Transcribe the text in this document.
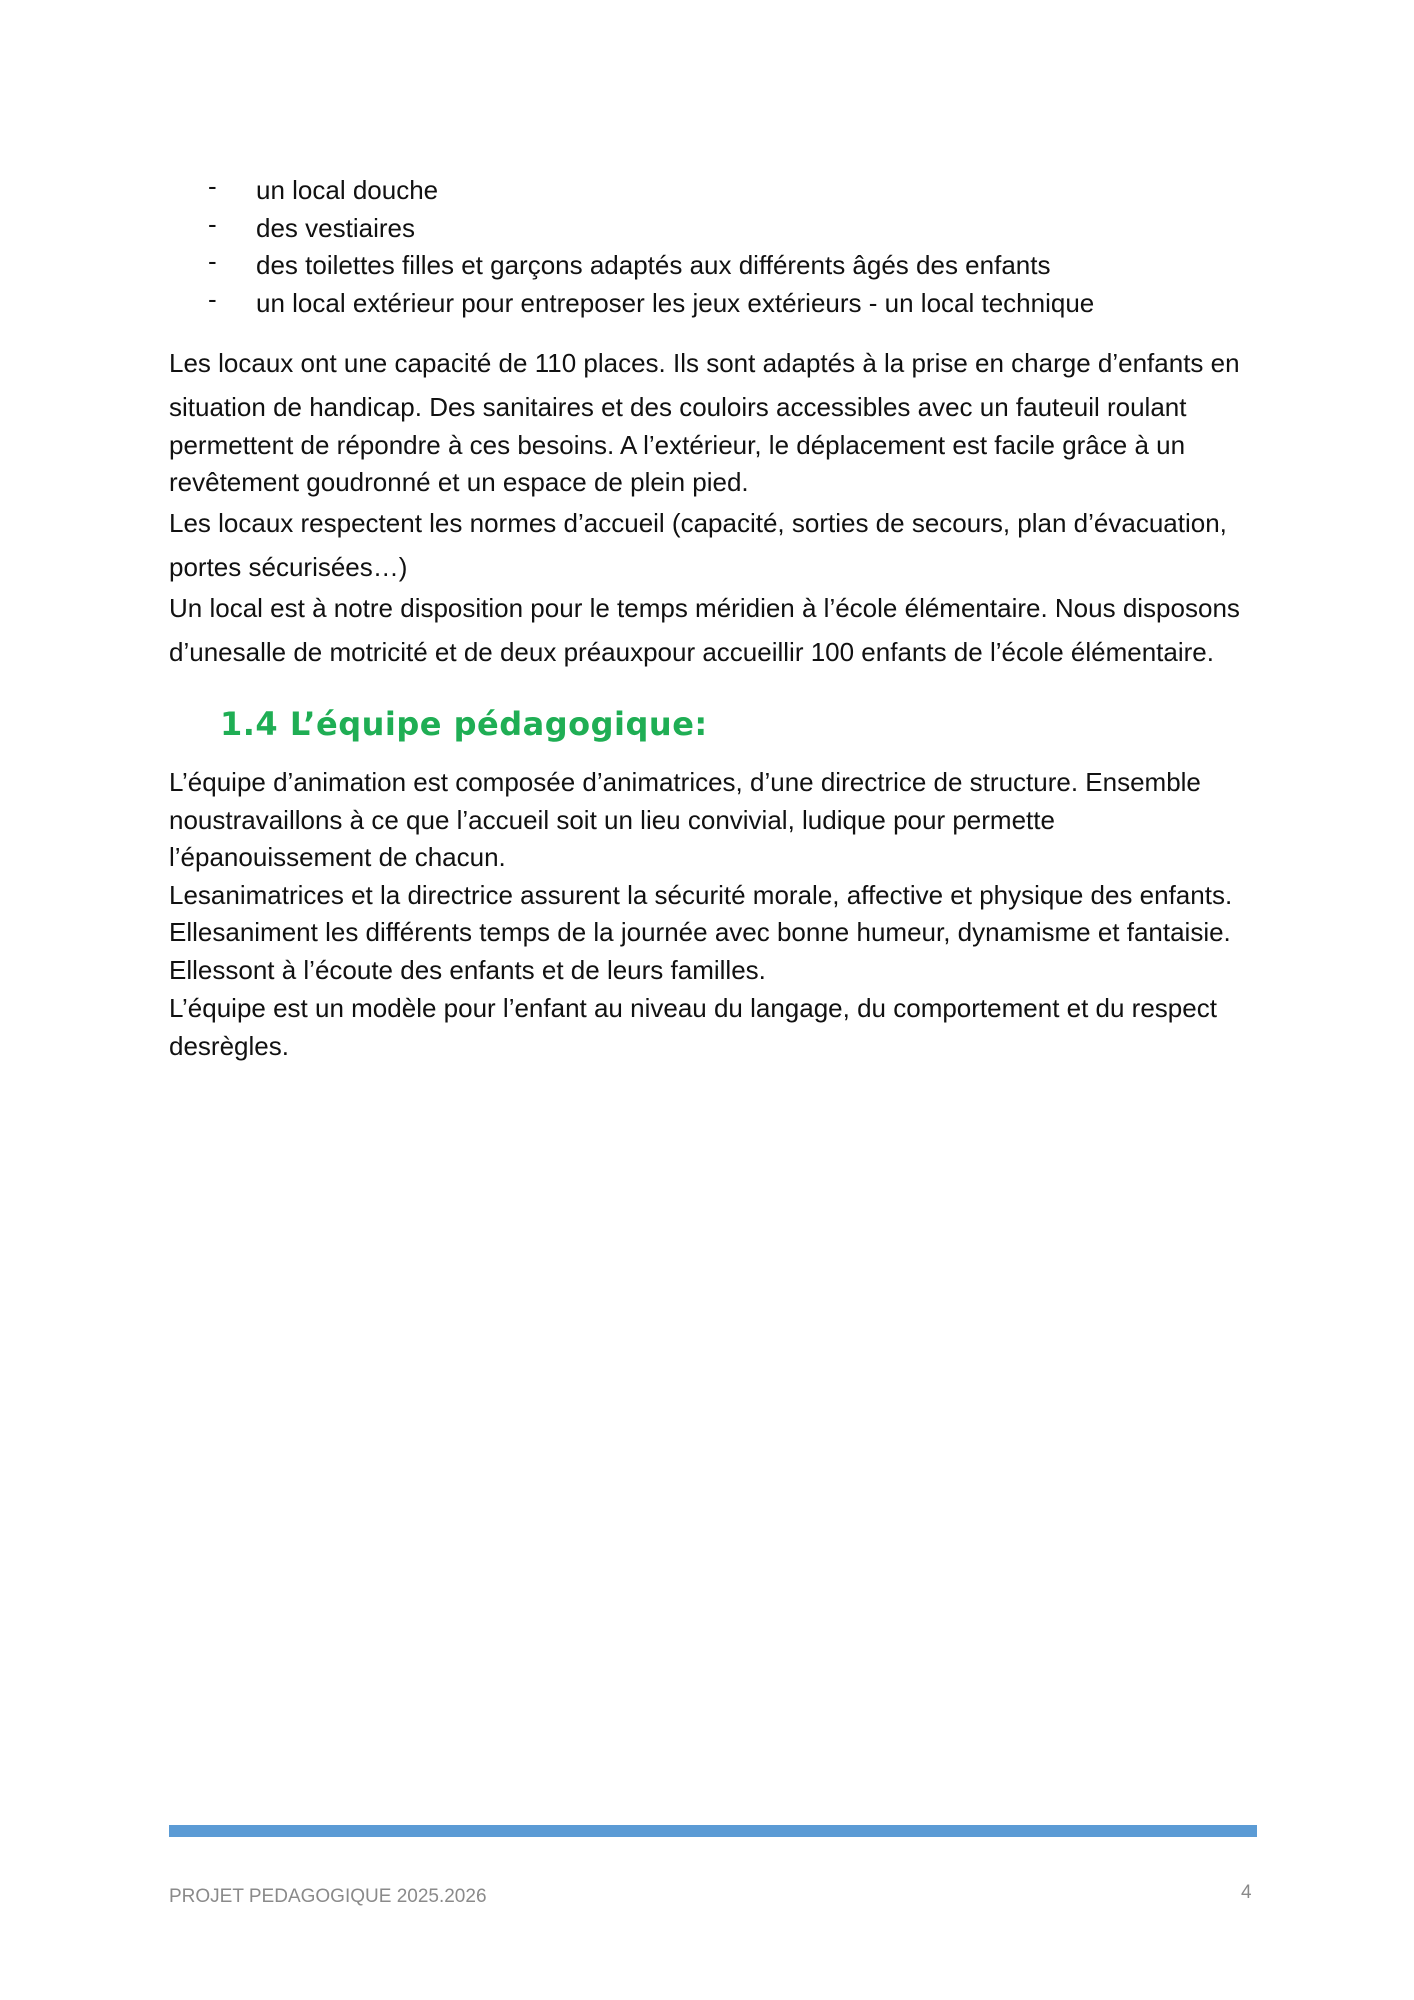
- un local douche
- des vestiaires
- des toilettes filles et garçons adaptés aux différents âgés des enfants
- un local extérieur pour entreposer les jeux extérieurs - un local technique

Les locaux ont une capacité de 110 places. Ils sont adaptés à la prise en charge d’enfants en

situation de handicap. Des sanitaires et des couloirs accessibles avec un fauteuil roulant permettent de répondre à ces besoins. A l’extérieur, le déplacement est facile grâce à un revêtement goudronné et un espace de plein pied.

Les locaux respectent les normes d’accueil (capacité, sorties de secours, plan d’évacuation,

portes sécurisées…)

Un local est à notre disposition pour le temps méridien à l’école élémentaire. Nous disposons

d’unesalle de motricité et de deux préauxpour accueillir 100 enfants de l’école élémentaire.

1.4 L’équipe pédagogique:

L’équipe d’animation est composée d’animatrices, d’une directrice de structure. Ensemble noustravaillons à ce que l’accueil soit un lieu convivial, ludique pour permette l’épanouissement de chacun.

Lesanimatrices et la directrice assurent la sécurité morale, affective et physique des enfants.

Ellesaniment les différents temps de la journée avec bonne humeur, dynamisme et fantaisie.

Ellessont à l’écoute des enfants et de leurs familles.

L’équipe est un modèle pour l’enfant au niveau du langage, du comportement et du respect desrègles.

PROJET PEDAGOGIQUE 2025.2026	4
